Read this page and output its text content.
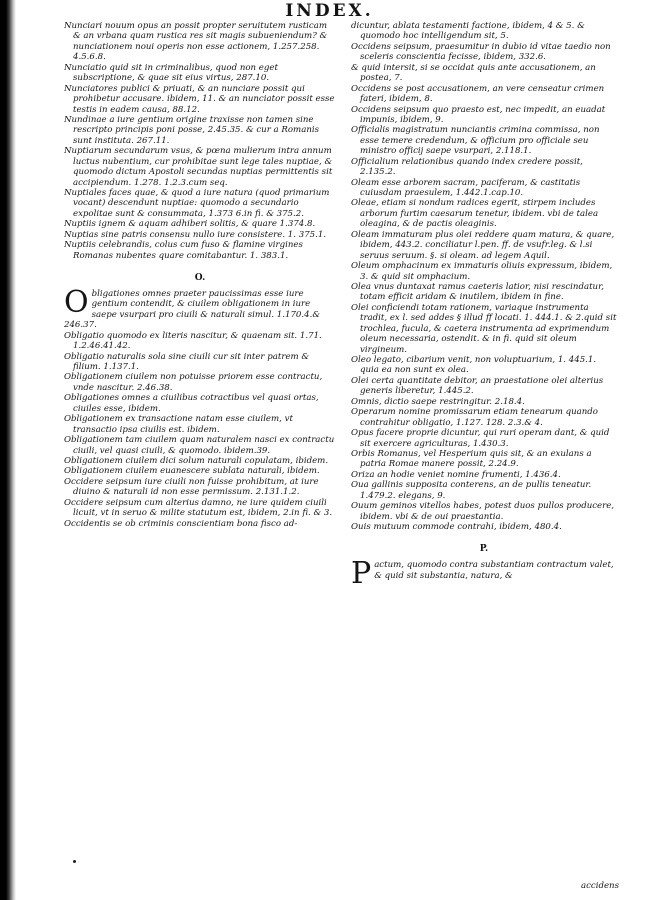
INDEX.
Nunciari nouum opus an possit propter seruitutem rusticam & an vrbana quam rustica res sit magis subueniendum? & nunciationem noui operis non esse actionem, 1.257.258. 4.5.6.8.
Nunciatio quid sit in criminalibus, quod non eget subscriptione, & quae sit eius virtus, 287.10.
Nunciatores publici & priuati, & an nunciare possit qui prohibetur accusare. ibidem, 11. & an nunciator possit esse testis in eadem causa, 88.12.
Nundinae a iure gentium origine traxisse non tamen sine rescripto principis poni posse, 2.45.35. & cur a Romanis sunt instituta. 267.11.
Nuptiarum secundarum vsus, & pœna mulierum intra annum luctus nubentium, cur prohibitae sunt lege tales nuptiae, & quomodo dictum Apostoli secundas nuptias permittentis sit accipiendum. 1.278. 1.2.3.cum seq.
Nuptiales faces quae, & quod a iure natura (quod primarium vocant) descendunt nuptiae: quomodo a secundario expolitae sunt & consummata, 1.373 6.in fi. & 375.2.
Nuptiis ignem & aquam adhiberi solitis, & quare 1.374.8.
Nuptias sine patris consensu nullo iure consistere. 1. 375.1.
Nuptiis celebrandis, colus cum fuso & flamine virgines Romanas nubentes quare comitabantur. 1. 383.1.
O.
Obligationes omnes praeter paucissimas esse iure gentium contendit, & ciuilem obligationem in iure saepe vsurpari pro ciuili & naturali simul. 1.170.4.& 246.37.
Obligatio quomodo ex literis nascitur, & quaenam sit. 1.71. 1.2.46.41.42.
Obligatio naturalis sola sine ciuili cur sit inter patrem & filium. 1.137.1.
Obligationem ciuilem non potuisse priorem esse contractu, vnde nascitur. 2.46.38.
Obligationes omnes a ciuilibus cotractibus vel quasi ortas, ciuiles esse, ibidem.
Obligationem ex transactione natam esse ciuilem, vt transactio ipsa ciuilis est. ibidem.
Obligationem tam ciuilem quam naturalem nasci ex contractu ciuili, vel quasi ciuili, & quomodo. ibidem.39.
Obligationem ciuilem dici solum naturali copulatam, ibidem.
Obligationem ciuilem euanescere sublata naturali, ibidem.
Occidere seipsum iure ciuili non fuisse prohibitum, at iure diuino & naturali id non esse permissum. 2.131.1.2.
Occidere seipsum cum alterius damno, ne iure quidem ciuili licuit, vt in seruo & milite statutum est, ibidem, 2.in fi. & 3.
Occidentis se ob criminis conscientiam bona fisco ad-
dicuntur, ablata testamenti factione, ibidem, 4 & 5. & quomodo hoc intelligendum sit, 5.
Occidens seipsum, praesumitur in dubio id vitae taedio non sceleris conscientia fecisse, ibidem, 332.6.
& quid intersit, si se occidat quis ante accusationem, an postea, 7.
Occidens se post accusationem, an vere censeatur crimen fateri, ibidem, 8.
Occidens seipsum quo praesto est, nec impedit, an euadat impunis, ibidem, 9.
Officialis magistratum nunciantis crimina commissa, non esse temere credendum, & officium pro officiale seu ministro officij saepe vsurpari, 2.118.1.
Officialium relationibus quando index credere possit, 2.135.2.
Oleam esse arborem sacram, paciferam, & castitatis cuiusdam praesulem, 1.442.1.cap.10.
Oleae, etiam si nondum radices egerit, stirpem includes arborum furtim caesarum tenetur, ibidem. vbi de talea oleagina, & de pactis oleaginis.
Oleam immaturam plus olei reddere quam matura, & quare, ibidem, 443.2. conciliatur l.pen. ff. de vsufr.leg. & l.si seruus seruum. §. si oleam. ad legem Aquil.
Oleum omphacinum ex immaturis oliuis expressum, ibidem, 3. & quid sit omphacium.
Olea vnus duntaxat ramus caeteris latior, nisi rescindatur, totam efficit aridam & inutilem, ibidem in fine.
Olei conficiendi totam rationem, variaque instrumenta tradit, ex l. sed addes § illud ff locati. 1. 444.1. & 2.quid sit trochlea, fucula, & caetera instrumenta ad exprimendum oleum necessaria, ostendit. & in fi. quid sit oleum virgineum.
Oleo legato, cibarium venit, non voluptuarium, 1. 445.1. quia ea non sunt ex olea.
Olei certa quantitate debitor, an praestatione olei alterius generis liberetur, 1.445.2.
Omnis, dictio saepe restringitur. 2.18.4.
Operarum nomine promissarum etiam tenearum quando contrahitur obligatio, 1.127. 128. 2.3.& 4.
Opus facere proprie dicuntur, qui ruri operam dant, & quid sit exercere agriculturas, 1.430.3.
Orbis Romanus, vel Hesperium quis sit, & an exulans a patria Romae manere possit, 2.24.9.
Oriza an hodie veniet nomine frumenti, 1.436.4.
Oua gallinis supposita conterens, an de pullis teneatur. 1.479.2. elegans, 9.
Ouum geminos vitellos habes, potest duos pullos producere, ibidem. vbi & de oui praestantia.
Ouis mutuum commode contrahi, ibidem, 480.4.
P.
Pactum, quomodo contra substantiam contractum valet, & quid sit substantia, natura, &
accidens
